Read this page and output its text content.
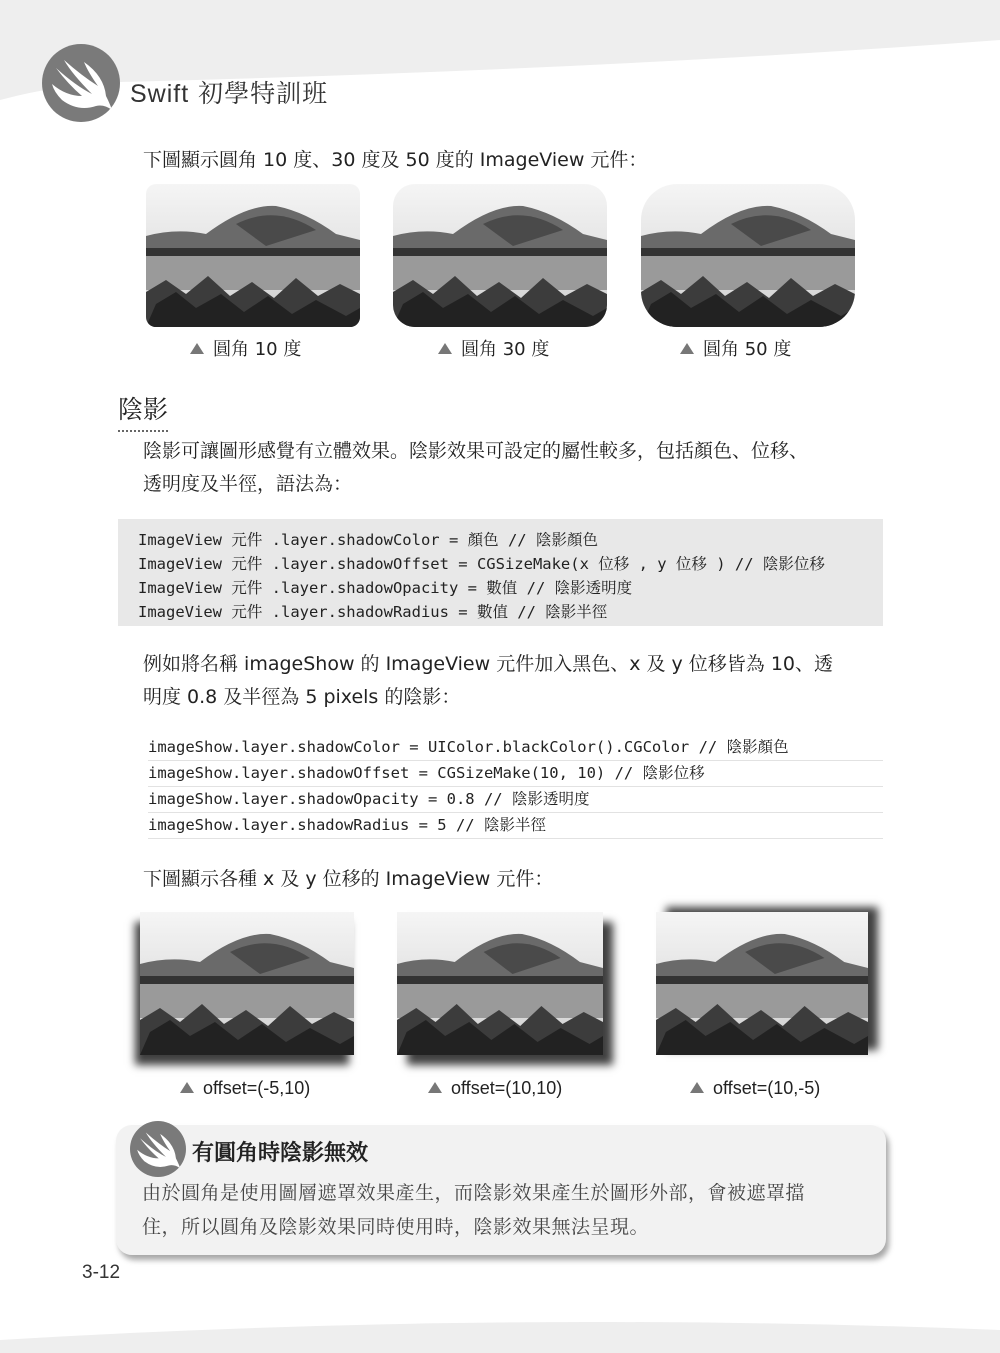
Swift 初學特訓班
下圖顯示圓角 10 度、30 度及 50 度的 ImageView 元件：
圓角 10 度	圓角 30 度	圓角 50 度
陰影
陰影可讓圖形感覺有立體效果。陰影效果可設定的屬性較多，包括顏色、位移、
透明度及半徑，語法為：
ImageView 元件 .layer.shadowColor = 顏色 // 陰影顏色
ImageView 元件 .layer.shadowOffset = CGSizeMake(x 位移 , y 位移 ) // 陰影位移
ImageView 元件 .layer.shadowOpacity = 數值 // 陰影透明度
ImageView 元件 .layer.shadowRadius = 數值 // 陰影半徑
例如將名稱 imageShow 的 ImageView 元件加入黑色、x 及 y 位移皆為 10、透
明度 0.8 及半徑為 5 pixels 的陰影：
imageShow.layer.shadowColor = UIColor.blackColor().CGColor // 陰影顏色
imageShow.layer.shadowOffset = CGSizeMake(10, 10) // 陰影位移
imageShow.layer.shadowOpacity = 0.8 // 陰影透明度
imageShow.layer.shadowRadius = 5 // 陰影半徑
下圖顯示各種 x 及 y 位移的 ImageView 元件：
offset=(-5,10)	offset=(10,10)	offset=(10,-5)
有圓角時陰影無效
由於圓角是使用圖層遮罩效果產生，而陰影效果產生於圖形外部，會被遮罩擋
住，所以圓角及陰影效果同時使用時，陰影效果無法呈現。
3-12
